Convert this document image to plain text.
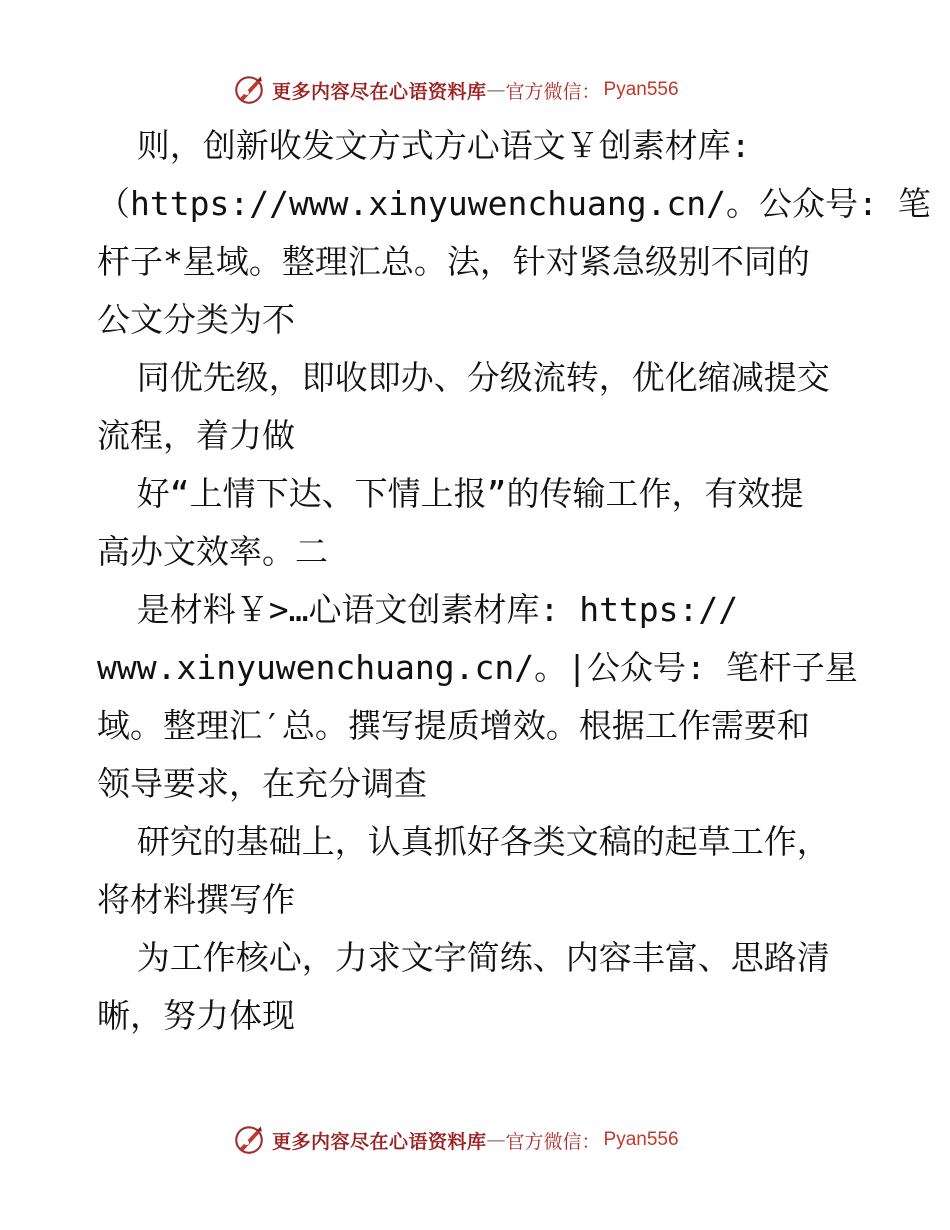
更多内容尽在心语资料库 — 官方微信： Pyan556
则，创新收发文方式方心语文￥创素材库:
（https://www.xinyuwenchuang.cn/。公众号: 笔
杆子*星域。整理汇总。法，针对紧急级别不同的
公文分类为不
同优先级，即收即办、分级流转，优化缩减提交
流程，着力做
好“上情下达、下情上报”的传输工作，有效提
高办文效率。二
是材料￥>…心语文创素材库: https://
www.xinyuwenchuang.cn/。|公众号: 笔杆子星
域。整理汇′总。撰写提质增效。根据工作需要和
领导要求，在充分调查
研究的基础上，认真抓好各类文稿的起草工作，
将材料撰写作
为工作核心，力求文字简练、内容丰富、思路清
晰，努力体现
更多内容尽在心语资料库 — 官方微信： Pyan556
